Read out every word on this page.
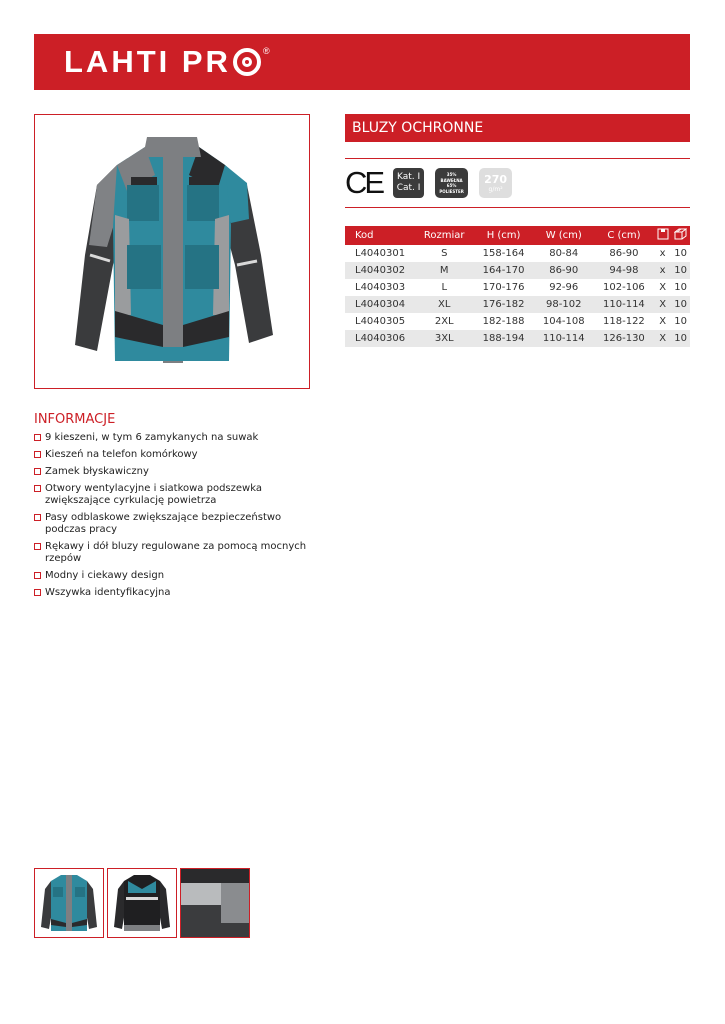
LAHTI PR	®
BLUZY OCHRONNE
CE	Kat. I
Cat. I
35%
BAWEŁNA
65%
POLIESTER
270
g/m²
Kod	Rozmiar	H (cm)	W (cm)	C (cm)		
L4040301	S	158-164	80-84	86-90	x	10
L4040302	M	164-170	86-90	94-98	x	10
L4040303	L	170-176	92-96	102-106	X	10
L4040304	XL	176-182	98-102	110-114	X	10
L4040305	2XL	182-188	104-108	118-122	X	10
L4040306	3XL	188-194	110-114	126-130	X	10
INFORMACJE
9 kieszeni, w tym 6 zamykanych na suwak
Kieszeń na telefon komórkowy
Zamek błyskawiczny
Otwory wentylacyjne i siatkowa podszewka zwiększające cyrkulację powietrza
Pasy odblaskowe zwiększające bezpieczeństwo podczas pracy
Rękawy i dół bluzy regulowane za pomocą mocnych rzepów
Modny i ciekawy design
Wszywka identyfikacyjna
